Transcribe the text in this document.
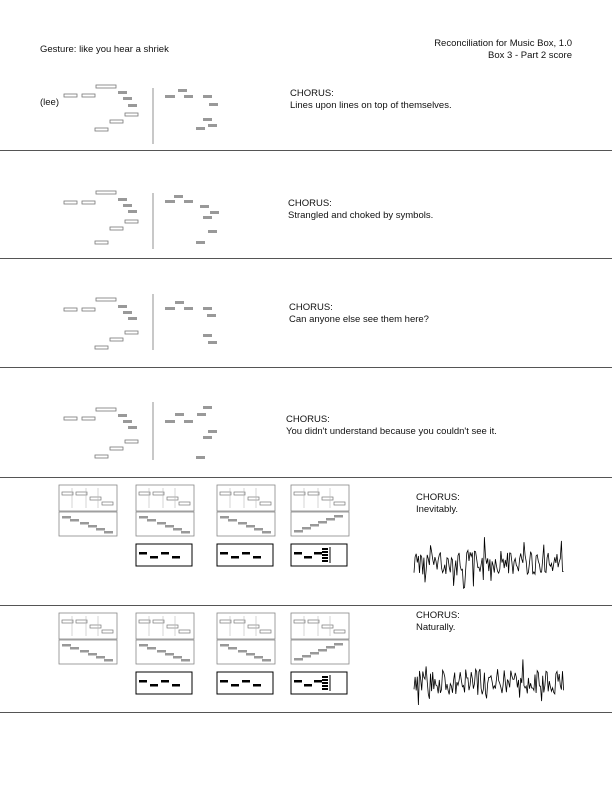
Gesture: like you hear a shriek
Reconciliation for Music Box, 1.0
Box 3 - Part 2 score
(lee)
CHORUS:
Lines upon lines on top of themselves.
CHORUS:
Strangled and choked by symbols.
CHORUS:
Can anyone else see them here?
CHORUS:
You didn't understand because you couldn't see it.
CHORUS:
Inevitably.
CHORUS:
Naturally.
